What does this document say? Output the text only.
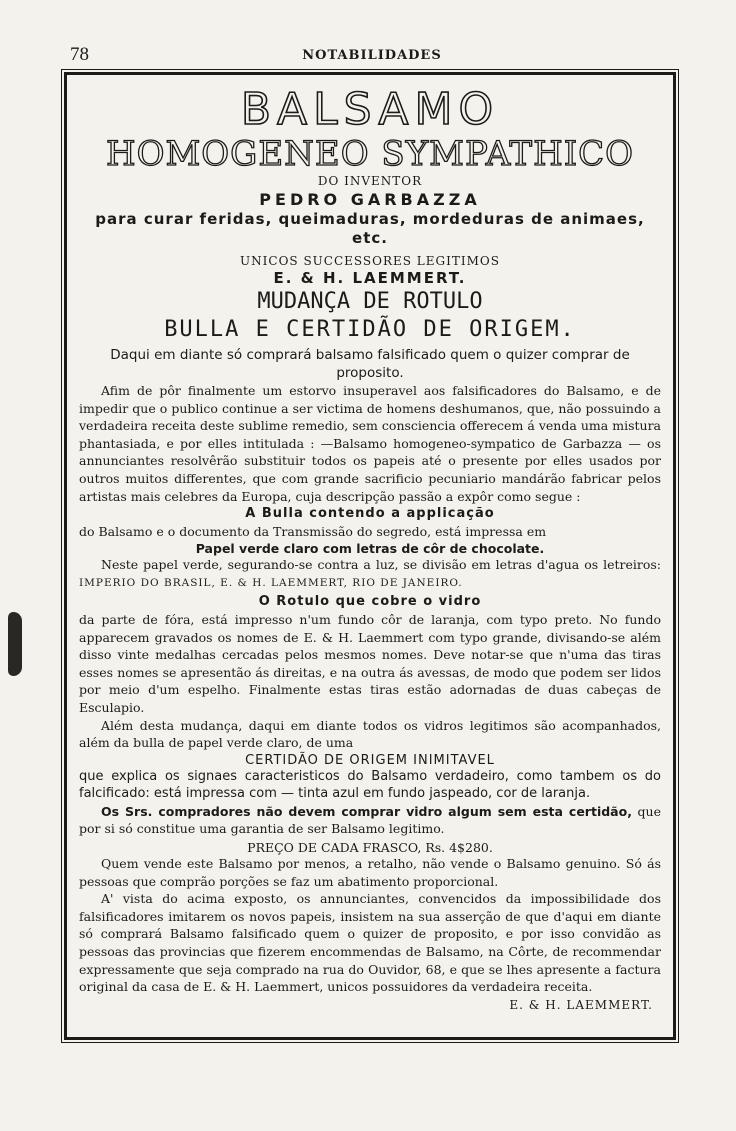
78	NOTABILIDADES
BALSAMO
HOMOGENEO SYMPATHICO
DO INVENTOR
PEDRO GARBAZZA
para curar feridas, queimaduras, mordeduras de animaes, etc.
UNICOS SUCCESSORES LEGITIMOS
E. & H. LAEMMERT.
MUDANÇA DE ROTULO
BULLA E CERTIDÃO DE ORIGEM.
Daqui em diante só comprará balsamo falsificado quem o quizer comprar de proposito.

Afim de pôr finalmente um estorvo insuperavel aos falsificadores do Balsamo, e de impedir que o publico continue a ser victima de homens deshumanos, que, não possuindo a verdadeira receita deste sublime remedio, sem consciencia offerecem á venda uma mistura phantasiada, e por elles intitulada : —Balsamo homogeneo-sympatico de Garbazza — os annunciantes resolvêrão substituir todos os papeis até o presente por elles usados por outros muitos differentes, que com grande sacrificio pecuniario mandárão fabricar pelos artistas mais celebres da Europa, cuja descripção passão a expôr como segue :

A Bulla contendo a applicação

do Balsamo e o documento da Transmissão do segredo, está impressa em

Papel verde claro com letras de côr de chocolate.

Neste papel verde, segurando-se contra a luz, se divisão em letras d'agua os letreiros: IMPERIO DO BRASIL, E. & H. LAEMMERT, RIO DE JANEIRO.

O Rotulo que cobre o vidro

da parte de fóra, está impresso n'um fundo côr de laranja, com typo preto. No fundo apparecem gravados os nomes de E. & H. Laemmert com typo grande, divisando-se além disso vinte medalhas cercadas pelos mesmos nomes. Deve notar-se que n'uma das tiras esses nomes se apresentão ás direitas, e na outra ás avessas, de modo que podem ser lidos por meio d'um espelho. Finalmente estas tiras estão adornadas de duas cabeças de Esculapio.

Além desta mudança, daqui em diante todos os vidros legitimos são acompanhados, além da bulla de papel verde claro, de uma

CERTIDÃO DE ORIGEM INIMITAVEL
que explica os signaes caracteristicos do Balsamo verdadeiro, como tambem os do falcificado: está impressa com — tinta azul em fundo jaspeado, cor de laranja.

Os Srs. compradores não devem comprar vidro algum sem esta certidão, que por si só constitue uma garantia de ser Balsamo legitimo.

PREÇO DE CADA FRASCO, Rs. 4$280.

Quem vende este Balsamo por menos, a retalho, não vende o Balsamo genuino. Só ás pessoas que comprão porções se faz um abatimento proporcional.

A' vista do acima exposto, os annunciantes, convencidos da impossibilidade dos falsificadores imitarem os novos papeis, insistem na sua asserção de que d'aqui em diante só comprará Balsamo falsificado quem o quizer de proposito, e por isso convidão as pessoas das provincias que fizerem encommendas de Balsamo, na Côrte, de recommendar expressamente que seja comprado na rua do Ouvidor, 68, e que se lhes apresente a factura original da casa de E. & H. Laemmert, unicos possuidores da verdadeira receita.

E. & H. LAEMMERT.
